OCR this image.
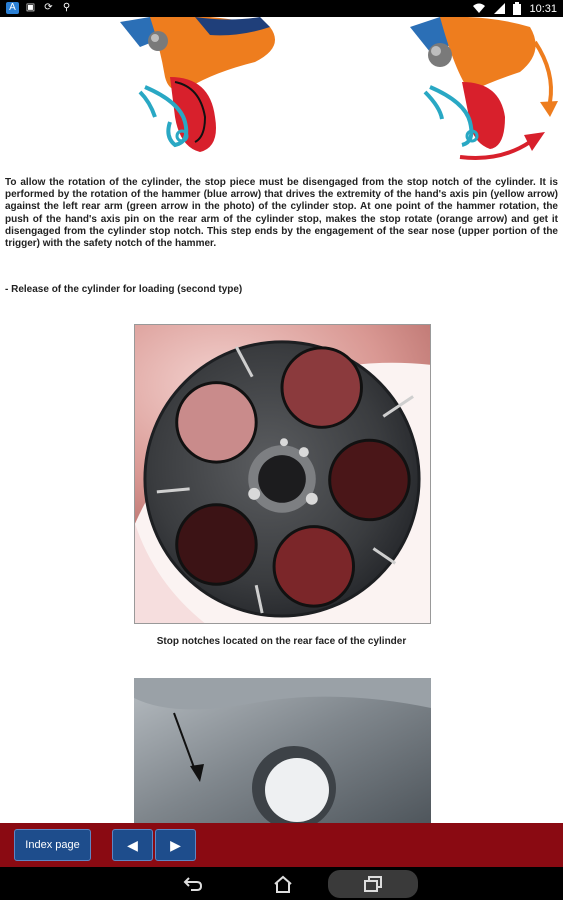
A ▣ ⟳ ⚲	10:31

To allow the rotation of the cylinder, the stop piece must be disengaged from the stop notch of the cylinder. It is performed by the rotation of the hammer (blue arrow) that drives the extremity of the hand's axis pin (yellow arrow) against the left rear arm (green arrow in the photo) of the cylinder stop. At one point of the hammer rotation, the push of the hand's axis pin on the rear arm of the cylinder stop, makes the stop rotate (orange arrow) and get it disengaged from the cylinder stop notch. This step ends by the engagement of the sear nose (upper portion of the trigger) with the safety notch of the hammer.

- Release of the cylinder for loading (second type)
Stop notches located on the rear face of the cylinder
Index page	◀ ▶
